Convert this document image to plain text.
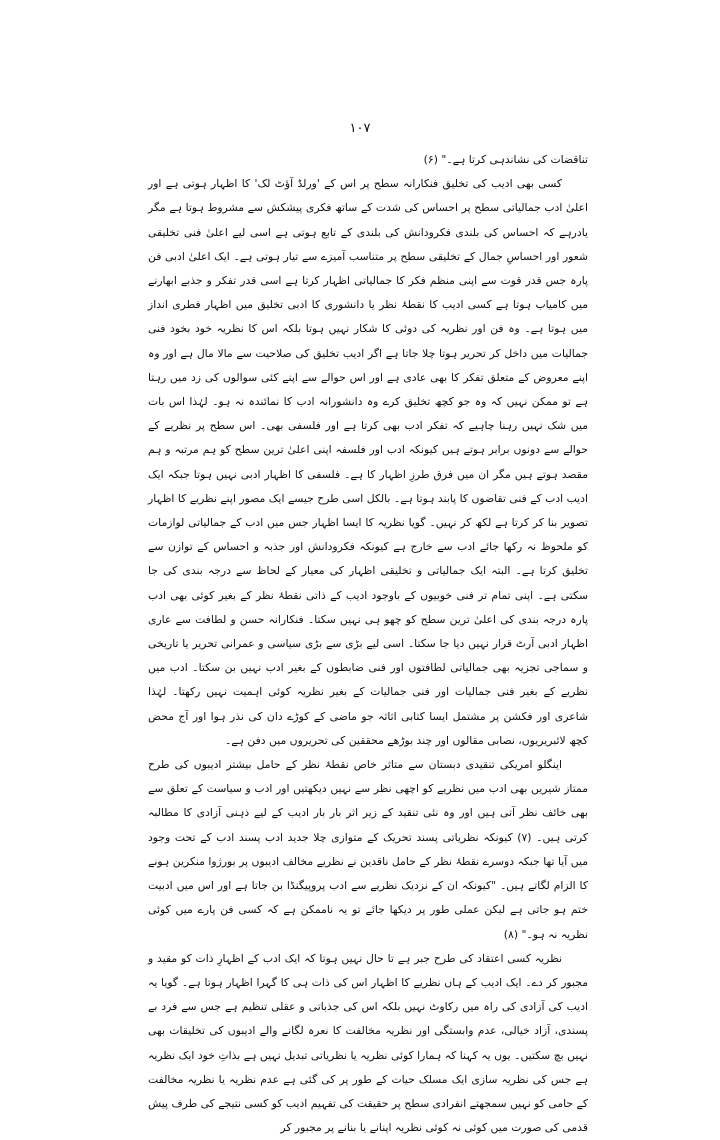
۱۰۷

تناقضات کی نشاندہی کرتا ہے۔" (۶)

کسی بھی ادیب کی تخلیق فنکارانہ سطح پر اس کے 'ورلڈ آؤٹ لک' کا اظہار ہوتی ہے اور اعلیٰ ادب جمالیاتی سطح پر احساس کی شدت کے ساتھ فکری پیشکش سے مشروط ہوتا ہے مگر یادرہے کہ احساس کی بلندی فکرودانش کی بلندی کے تابع ہوتی ہے اسی لیے اعلیٰ فنی تخلیقی شعور اور احساسِ جمال کے تخلیقی سطح پر متناسب آمیزے سے تیار ہوتی ہے۔ ایک اعلیٰ ادبی فن پارہ جس قدر قوت سے اپنی منظم فکر کا جمالیاتی اظہار کرتا ہے اسی قدر تفکر و جذبے ابھارنے میں کامیاب ہوتا ہے کسی ادیب کا نقطۂ نظر یا دانشوری کا ادبی تخلیق میں اظہار فطری انداز میں ہوتا ہے۔ وہ فن اور نظریہ کی دوئی کا شکار نہیں ہوتا بلکہ اس کا نظریہ خود بخود فنی جمالیات میں داخل کر تحریر ہوتا چلا جاتا ہے اگر ادیب تخلیق کی صلاحیت سے مالا مال ہے اور وہ اپنے معروض کے متعلق تفکر کا بھی عادی ہے اور اس حوالے سے اپنے کئی سوالوں کی زد میں رہتا ہے تو ممکن نہیں کہ وہ جو کچھ تخلیق کرے وہ دانشورانہ ادب کا نمائندہ نہ ہو۔ لہٰذا اس بات میں شک نہیں رہنا چاہیے کہ تفکر ادب بھی کرتا ہے اور فلسفی بھی۔ اس سطح پر نظریے کے حوالے سے دونوں برابر ہوتے ہیں کیونکہ ادب اور فلسفہ اپنی اعلیٰ ترین سطح کو ہم مرتبہ و ہم مقصد ہوتے ہیں مگر ان میں فرق طرزِ اظہار کا ہے۔ فلسفی کا اظہار ادبی نہیں ہوتا جبکہ ایک ادیب ادب کے فنی تقاضوں کا پابند ہوتا ہے۔ بالکل اسی طرح جیسے ایک مصور اپنے نظریے کا اظہار تصویر بنا کر کرتا ہے لکھ کر نہیں۔ گویا نظریہ کا ایسا اظہار جس میں ادب کے جمالیاتی لوازمات کو ملحوظ نہ رکھا جائے ادب سے خارج ہے کیونکہ فکرودانش اور جذبہ و احساس کے توازن سے تخلیق کرتا ہے۔ البتہ ایک جمالیاتی و تخلیقی اظہار کی معیار کے لحاظ سے درجہ بندی کی جا سکتی ہے۔ اپنی تمام تر فنی خوبیوں کے باوجود ادیب کے ذاتی نقطۂ نظر کے بغیر کوئی بھی ادب پارہ درجہ بندی کی اعلیٰ ترین سطح کو چھو ہی نہیں سکتا۔ فنکارانہ حسن و لطافت سے عاری اظہار ادبی آرٹ قرار نہیں دیا جا سکتا۔ اسی لیے بڑی سے بڑی سیاسی و عمرانی تحریر یا تاریخی و سماجی تجزیہ بھی جمالیاتی لطافتوں اور فنی ضابطوں کے بغیر ادب نہیں بن سکتا۔ ادب میں نظریے کے بغیر فنی جمالیات اور فنی جمالیات کے بغیر نظریہ کوئی اہمیت نہیں رکھتا۔ لہٰذا شاعری اور فکشن پر مشتمل ایسا کتابی اثاثہ جو ماضی کے کوڑے دان کی نذر ہوا اور آج محض کچھ لائبریریوں، نصابی مقالوں اور چند بوڑھے محققین کی تحریروں میں دفن ہے۔

اینگلو امریکی تنقیدی دبستان سے متاثر خاص نقطۂ نظر کے حامل بیشتر ادیبوں کی طرح ممتاز شیریں بھی ادب میں نظریے کو اچھی نظر سے نہیں دیکھتیں اور ادب و سیاست کے تعلق سے بھی خائف نظر آتی ہیں اور وہ نئی تنقید کے زیر اثر بار بار ادیب کے لیے ذہنی آزادی کا مطالبہ کرتی ہیں۔ (۷) کیونکہ نظریاتی پسند تحریک کے متوازی چلا جدید ادب پسند ادب کے تحت وجود میں آیا تھا جبکہ دوسرے نقطۂ نظر کے حامل ناقدین نے نظریے مخالف ادیبوں پر بورژوا منکرین ہونے کا الزام لگاتے ہیں۔ "کیونکہ ان کے نزدیک نظریے سے ادب پروپیگنڈا بن جاتا ہے اور اس میں ادبیت ختم ہو جاتی ہے لیکن عملی طور پر دیکھا جائے تو یہ ناممکن ہے کہ کسی فن پارے میں کوئی نظریہ نہ ہو۔" (۸)

نظریہ کسی اعتقاد کی طرح جبر ہے تا حال نہیں ہوتا کہ ایک ادب کے اظہارِ ذات کو مقید و مجبور کر دے۔ ایک ادیب کے ہاں نظریے کا اظہار اس کی ذات ہی کا گہرا اظہار ہوتا ہے۔ گویا یہ ادیب کی آزادی کی راہ میں رکاوٹ نہیں بلکہ اس کی جذباتی و عقلی تنظیم ہے جس سے فرد بے پسندی، آزاد خیالی، عدم وابستگی اور نظریہ مخالفت کا نعرہ لگانے والے ادیبوں کی تخلیقات بھی نہیں بچ سکتیں۔ یوں یہ کہنا کہ ہمارا کوئی نظریہ یا نظریاتی تبدیل نہیں ہے بذاتِ خود ایک نظریہ ہے جس کی نظریہ سازی ایک مسلک حیات کے طور پر کی گئی ہے عدم نظریہ یا نظریہ مخالفت کے حامی کو نہیں سمجھتے انفرادی سطح پر حقیقت کی تفہیم ادیب کو کسی نتیجے کی طرف پیش قدمی کی صورت میں کوئی نہ کوئی نظریہ اپنانے یا بنانے پر مجبور کر
